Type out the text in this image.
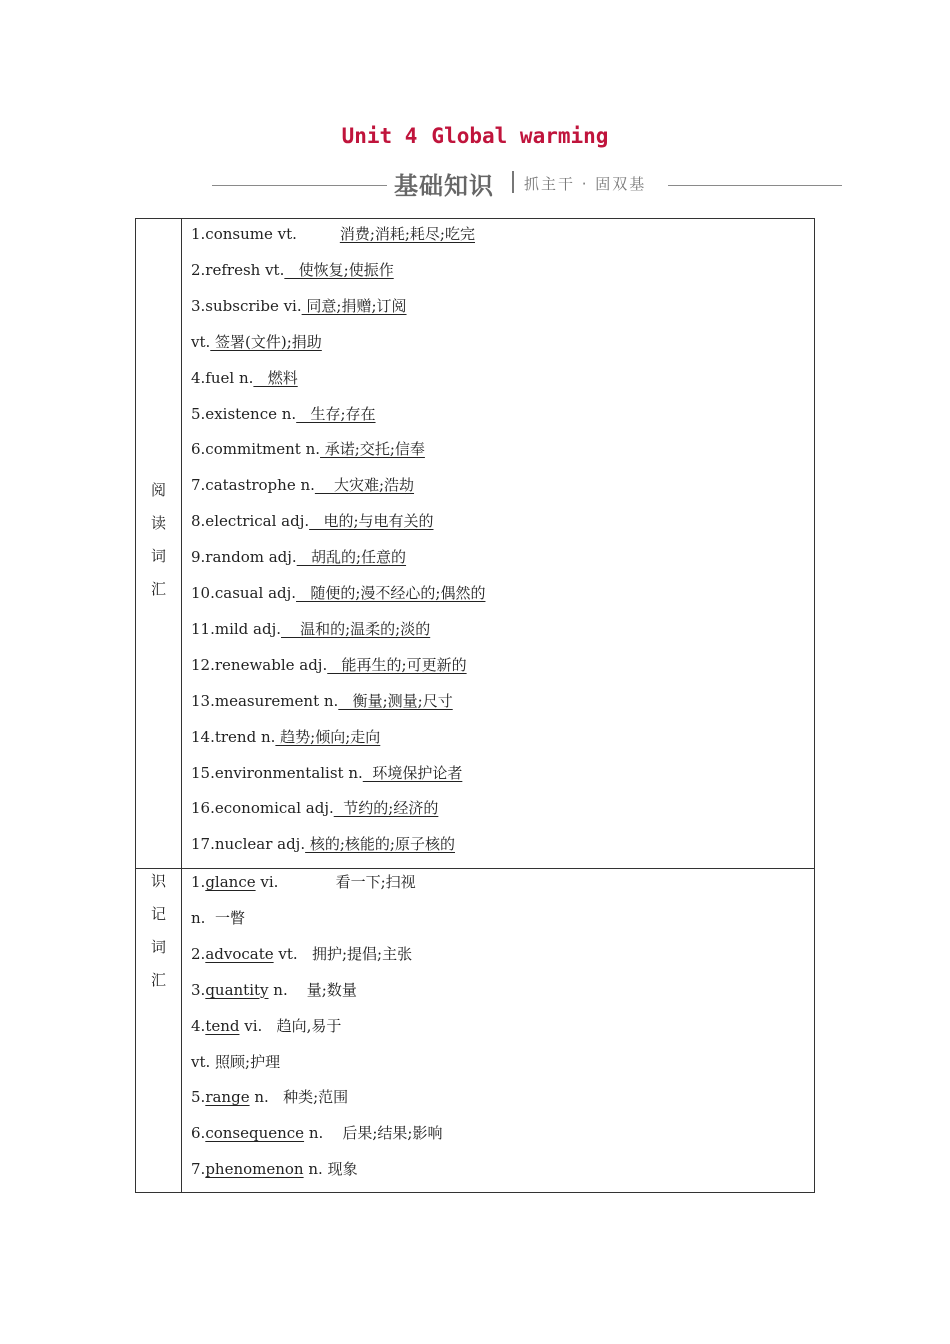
Unit 4 Global warming
基础知识 抓主干 · 固双基
阅
读
词
汇
识
记
词
汇
1.consume vt.         消费;消耗;耗尽;吃完
2.refresh vt.   使恢复;使振作
3.subscribe vi. 同意;捐赠;订阅
vt. 签署(文件);捐助
4.fuel n.   燃料
5.existence n.   生存;存在
6.commitment n. 承诺;交托;信奉
7.catastrophe n.    大灾难;浩劫
8.electrical adj.   电的;与电有关的
9.random adj.   胡乱的;任意的
10.casual adj.   随便的;漫不经心的;偶然的
11.mild adj.    温和的;温柔的;淡的
12.renewable adj.   能再生的;可更新的
13.measurement n.   衡量;测量;尺寸
14.trend n. 趋势;倾向;走向
15.environmentalist n.  环境保护论者
16.economical adj.  节约的;经济的
17.nuclear adj. 核的;核能的;原子核的
1.glance vi.            看一下;扫视
n.  一瞥
2.advocate vt.   拥护;提倡;主张
3.quantity n.    量;数量
4.tend vi.   趋向,易于
vt. 照顾;护理
5.range n.   种类;范围
6.consequence n.    后果;结果;影响
7.phenomenon n. 现象
